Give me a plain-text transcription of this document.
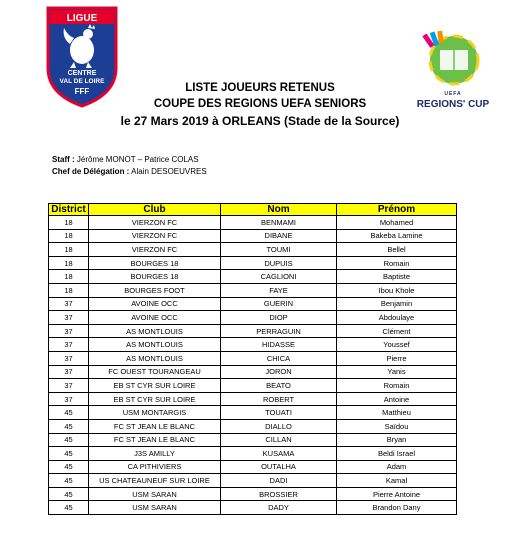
LIGUE
CENTRE
VAL DE LOIRE
FFF	UEFA
REGIONS' CUP
LISTE JOUEURS RETENUS
COUPE DES REGIONS UEFA SENIORS
le 27 Mars 2019 à ORLEANS (Stade de la Source)
Staff : Jérôme MONOT – Patrice COLAS
Chef de Délégation : Alain DESOEUVRES
District	Club	Nom	Prénom
18	VIERZON FC	BENMAMI	Mohamed
18	VIERZON FC	DIBANE	Bakeba Lamine
18	VIERZON FC	TOUMI	Bellel
18	BOURGES 18	DUPUIS	Romain
18	BOURGES 18	CAGLIONI	Baptiste
18	BOURGES FOOT	FAYE	Ibou Khole
37	AVOINE OCC	GUERIN	Benjamin
37	AVOINE OCC	DIOP	Abdoulaye
37	AS MONTLOUIS	PERRAGUIN	Clément
37	AS MONTLOUIS	HIDASSE	Youssef
37	AS MONTLOUIS	CHICA	Pierre
37	FC OUEST TOURANGEAU	JORON	Yanis
37	EB ST CYR SUR LOIRE	BEATO	Romain
37	EB ST CYR SUR LOIRE	ROBERT	Antoine
45	USM MONTARGIS	TOUATI	Matthieu
45	FC ST JEAN LE BLANC	DIALLO	Saïdou
45	FC ST JEAN LE BLANC	CILLAN	Bryan
45	J3S AMILLY	KUSAMA	Beldi Israel
45	CA PITHIVIERS	OUTALHA	Adam
45	US CHATEAUNEUF SUR LOIRE	DADI	Kamal
45	USM SARAN	BROSSIER	Pierre Antoine
45	USM SARAN	DADY	Brandon Dany
